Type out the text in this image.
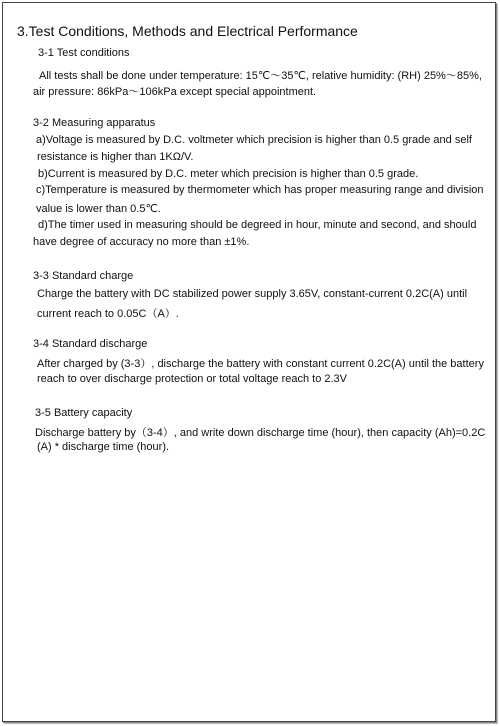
3.Test Conditions, Methods and Electrical Performance
3-1 Test conditions
All tests shall be done under temperature: 15℃～35℃, relative humidity: (RH) 25%～85%,
air pressure: 86kPa～106kPa except special appointment.
3-2 Measuring apparatus
a)Voltage is measured by D.C. voltmeter which precision is higher than 0.5 grade and self
resistance is higher than 1KΩ/V.
b)Current is measured by D.C. meter which precision is higher than 0.5 grade.
c)Temperature is measured by thermometer which has proper measuring range and division
value is lower than 0.5℃.
d)The timer used in measuring should be degreed in hour, minute and second, and should
have degree of accuracy no more than ±1%.
3-3 Standard charge
Charge the battery with DC stabilized power supply 3.65V, constant-current 0.2C(A) until
current reach to 0.05C（A）.
3-4 Standard discharge
After charged by (3-3）, discharge the battery with constant current 0.2C(A) until the battery
reach to over discharge protection or total voltage reach to 2.3V
3-5 Battery capacity
Discharge battery by（3-4）, and write down discharge time (hour), then capacity (Ah)=0.2C
(A) * discharge time (hour).
